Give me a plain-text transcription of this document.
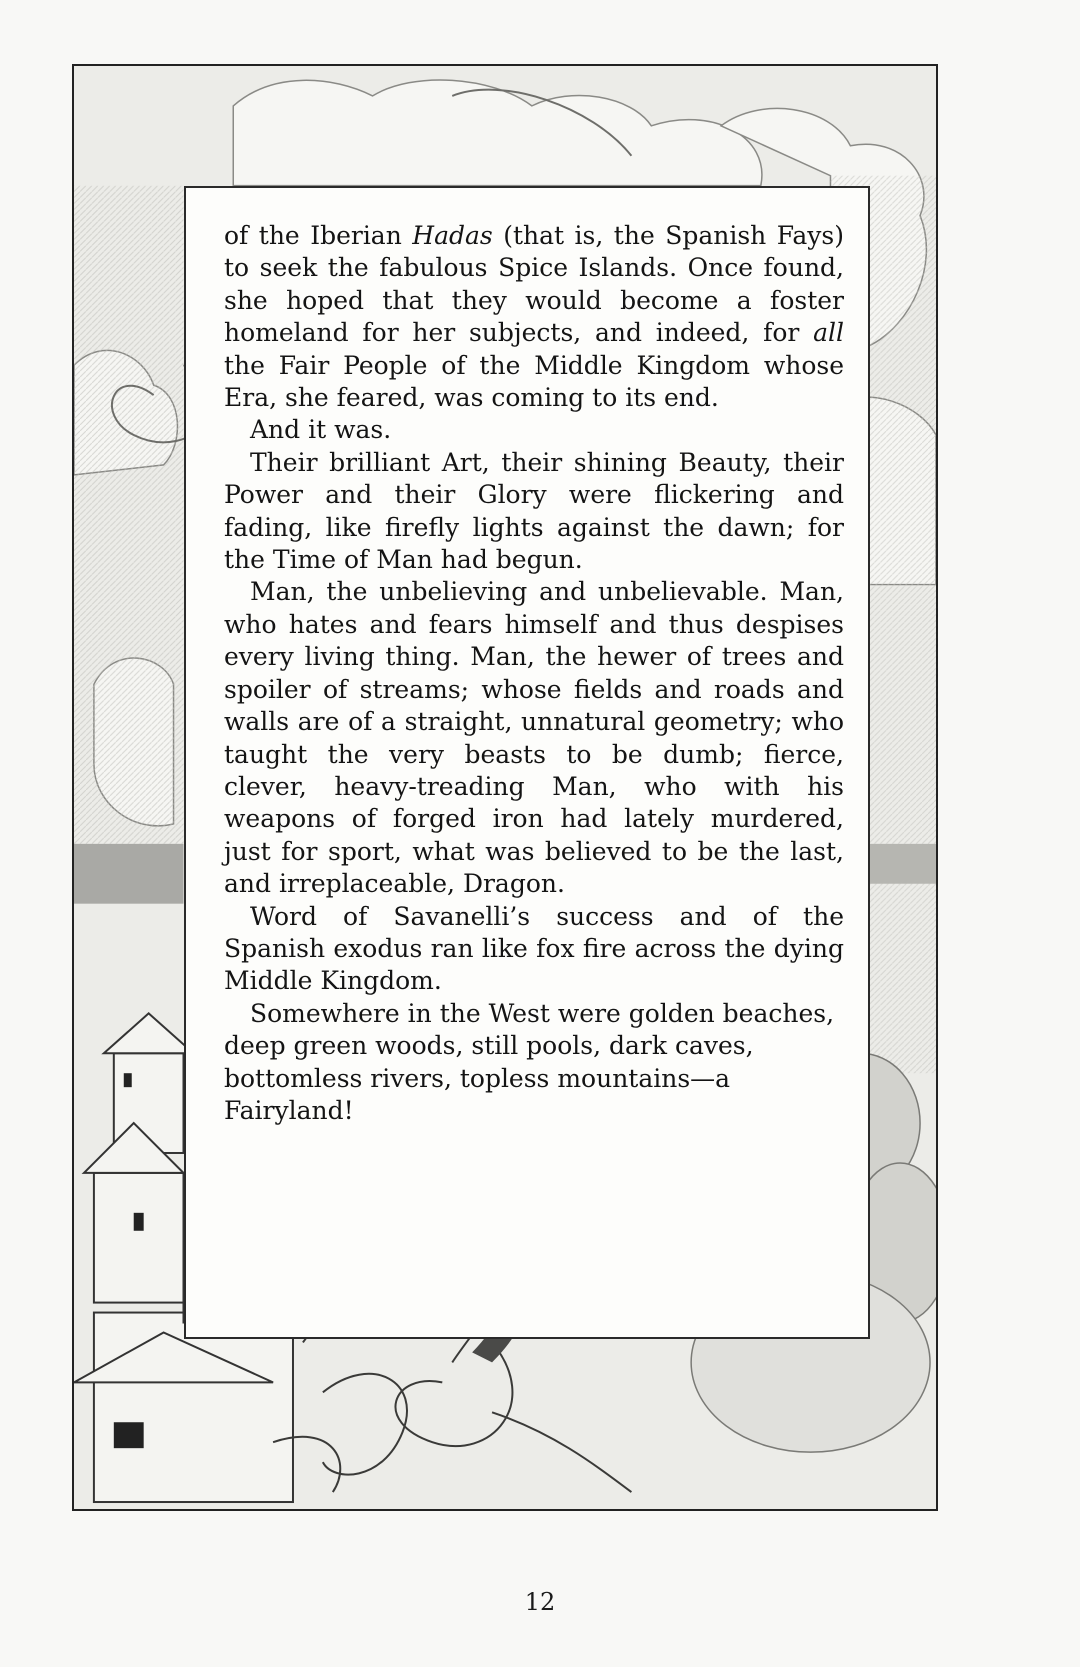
of the Iberian Hadas (that is, the Spanish Fays) to seek the fabulous Spice Islands. Once found, she hoped that they would become a foster homeland for her subjects, and indeed, for all the Fair People of the Middle Kingdom whose Era, she feared, was coming to its end.

And it was.

Their brilliant Art, their shining Beauty, their Power and their Glory were flickering and fading, like firefly lights against the dawn; for the Time of Man had begun.

Man, the unbelieving and unbelievable. Man, who hates and fears himself and thus despises every living thing. Man, the hewer of trees and spoiler of streams; whose fields and roads and walls are of a straight, unnatural geometry; who taught the very beasts to be dumb; fierce, clever, heavy-treading Man, who with his weapons of forged iron had lately murdered, just for sport, what was believed to be the last, and irreplaceable, Dragon.

Word of Savanelli’s success and of the Spanish exodus ran like fox fire across the dying Middle Kingdom.

Somewhere in the West were golden beaches, deep green woods, still pools, dark caves, bottomless rivers, topless mountains—a Fairyland!

12
